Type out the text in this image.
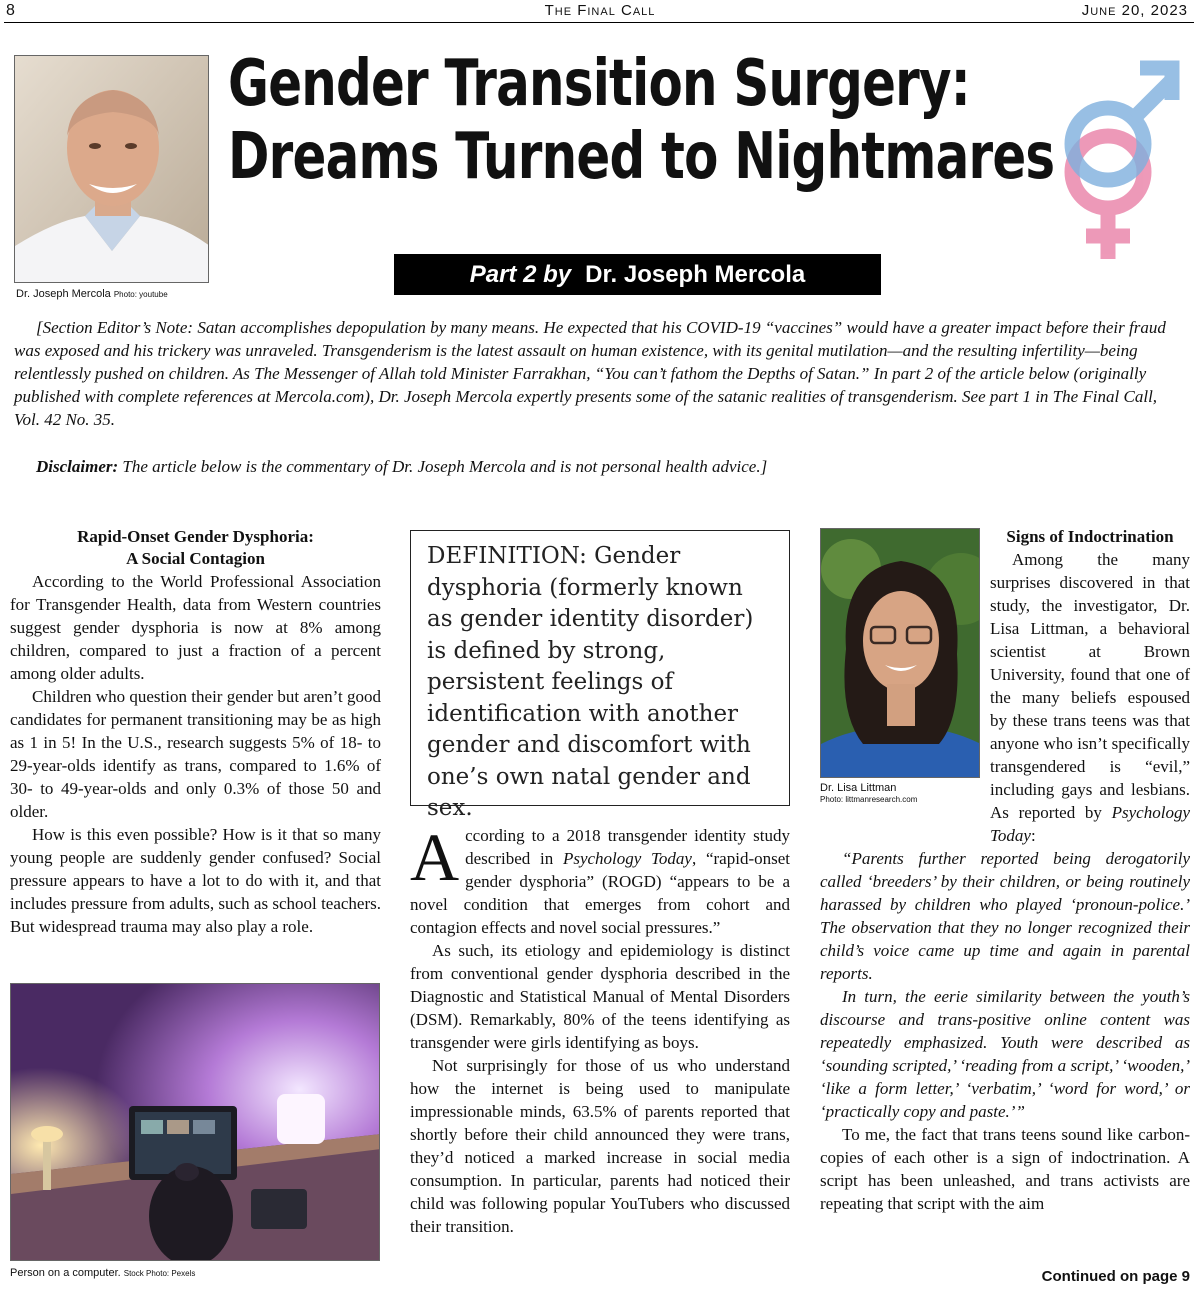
8	The Final Call	June 20, 2023
Dr. Joseph Mercola Photo: youtube
Gender Transition Surgery:
Dreams Turned to Nightmares
Part 2 by Dr. Joseph Mercola

[Section Editor’s Note: Satan accomplishes depopulation by many means. He expected that his COVID-19 “vaccines” would have a greater impact before their fraud was exposed and his trickery was unraveled. Transgenderism is the latest assault on human existence, with its genital mutilation—and the resulting infertility—being relentlessly pushed on children. As The Messenger of Allah told Minister Farrakhan, “You can’t fathom the Depths of Satan.” In part 2 of the article below (originally published with complete references at Mercola.com), Dr. Joseph Mercola expertly presents some of the satanic realities of transgenderism. See part 1 in The Final Call, Vol. 42 No. 35.

Disclaimer: The article below is the commentary of Dr. Joseph Mercola and is not personal health advice.]

Rapid-Onset Gender Dysphoria:
A Social Contagion

According to the World Professional Association for Transgender Health, data from Western countries suggest gender dysphoria is now at 8% among children, compared to just a fraction of a percent among older adults.

Children who question their gender but aren’t good candidates for permanent transitioning may be as high as 1 in 5! In the U.S., research suggests 5% of 18- to 29-year-olds identify as trans, compared to 1.6% of 30- to 49-year-olds and only 0.3% of those 50 and older.

How is this even possible? How is it that so many young people are suddenly gender confused? Social pressure appears to have a lot to do with it, and that includes pressure from adults, such as school teachers. But widespread trauma may also play a role.

Person on a computer. Stock Photo: Pexels

DEFINITION: Gender dysphoria (formerly known as gender identity disorder) is defined by strong, persistent feelings of identification with another gender and discomfort with one’s own natal gender and sex.

According to a 2018 transgender identity study described in Psychology Today, “rapid-onset gender dysphoria” (ROGD) “appears to be a novel condition that emerges from cohort and contagion effects and novel social pressures.”

As such, its etiology and epidemiology is distinct from conventional gender dysphoria described in the Diagnostic and Statistical Manual of Mental Disorders (DSM). Remarkably, 80% of the teens identifying as transgender were girls identifying as boys.

Not surprisingly for those of us who understand how the internet is being used to manipulate impressionable minds, 63.5% of parents reported that shortly before their child announced they were trans, they’d noticed a marked increase in social media consumption. In particular, parents had noticed their child was following popular YouTubers who discussed their transition.

Dr. Lisa Littman
Photo: littmanresearch.com
Signs of Indoctrination

Among the many surprises discovered in that study, the investigator, Dr. Lisa Littman, a behavioral scientist at Brown University, found that one of the many beliefs espoused by these trans teens was that anyone who isn’t specifically transgendered is “evil,” including gays and lesbians. As reported by Psychology Today:

“Parents further reported being derogatorily called ‘breeders’ by their children, or being routinely harassed by children who played ‘pronoun-police.’ The observation that they no longer recognized their child’s voice came up time and again in parental reports.

In turn, the eerie similarity between the youth’s discourse and trans-positive online content was repeatedly emphasized. Youth were described as ‘sounding scripted,’ ‘reading from a script,’ ‘wooden,’ ‘like a form letter,’ ‘verbatim,’ ‘word for word,’ or ‘practically copy and paste.’”

To me, the fact that trans teens sound like carbon-copies of each other is a sign of indoctrination. A script has been unleashed, and trans activists are repeating that script with the aim

Continued on page 9
